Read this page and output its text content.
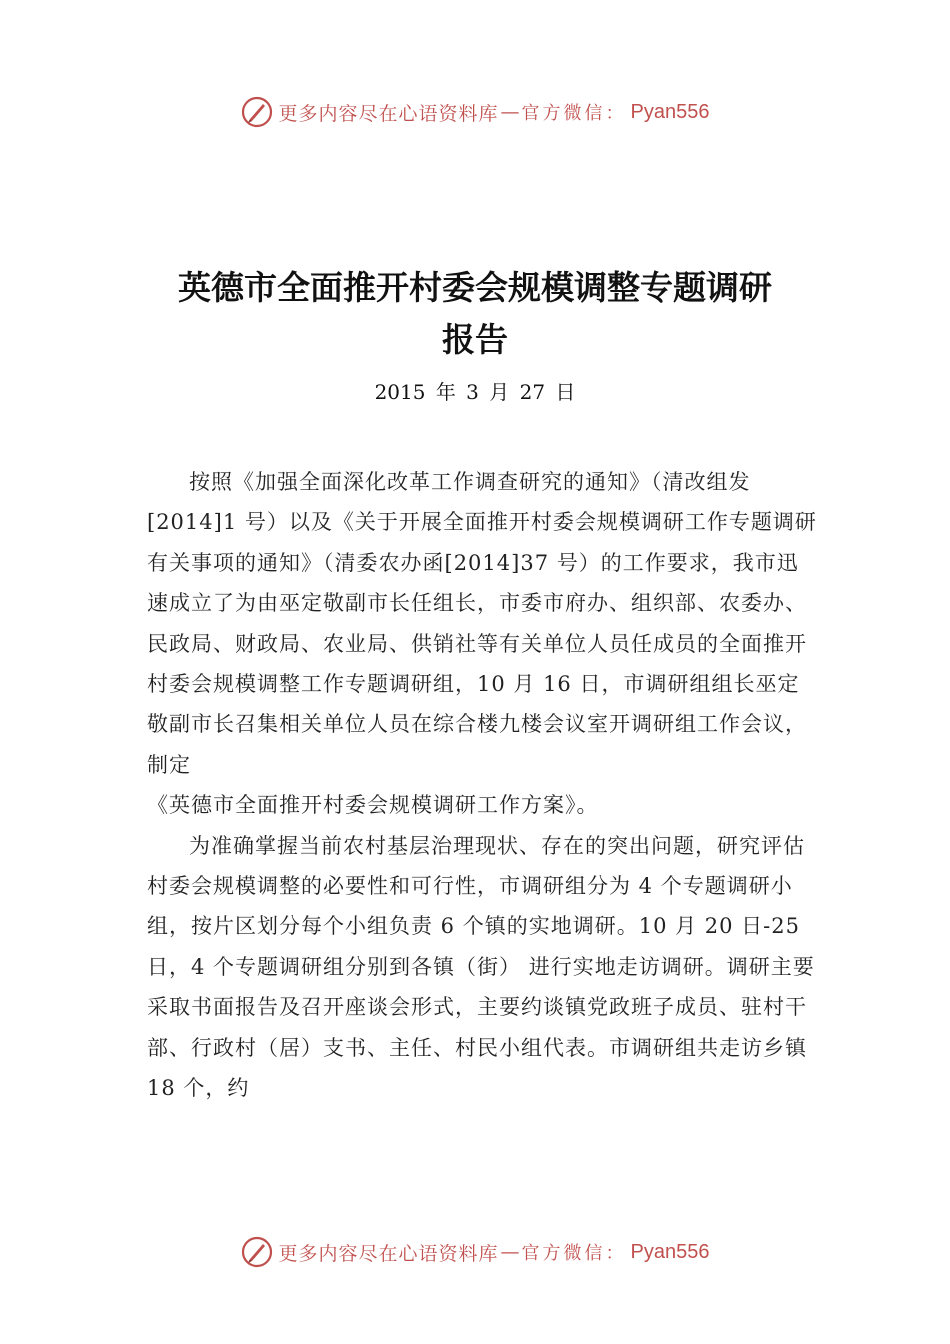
更多内容尽在心语资料库 — 官方微信： Pyan556
英德市全面推开村委会规模调整专题调研
报告
2015 年 3 月 27 日

按照《加强全面深化改革工作调查研究的通知》（清改组发[2014]1 号）以及《关于开展全面推开村委会规模调研工作专题调研有关事项的通知》（清委农办函[2014]37 号）的工作要求，我市迅速成立了为由巫定敬副市长任组长，市委市府办、组织部、农委办、民政局、财政局、农业局、供销社等有关单位人员任成员的全面推开村委会规模调整工作专题调研组，10 月 16 日，市调研组组长巫定敬副市长召集相关单位人员在综合楼九楼会议室开调研组工作会议，制定

《英德市全面推开村委会规模调研工作方案》。

为准确掌握当前农村基层治理现状、存在的突出问题，研究评估村委会规模调整的必要性和可行性，市调研组分为 4 个专题调研小组，按片区划分每个小组负责 6 个镇的实地调研。10 月 20 日-25 日，4 个专题调研组分别到各镇（街） 进行实地走访调研。调研主要采取书面报告及召开座谈会形式，主要约谈镇党政班子成员、驻村干部、行政村（居）支书、主任、村民小组代表。市调研组共走访乡镇 18 个，约

更多内容尽在心语资料库 — 官方微信： Pyan556
